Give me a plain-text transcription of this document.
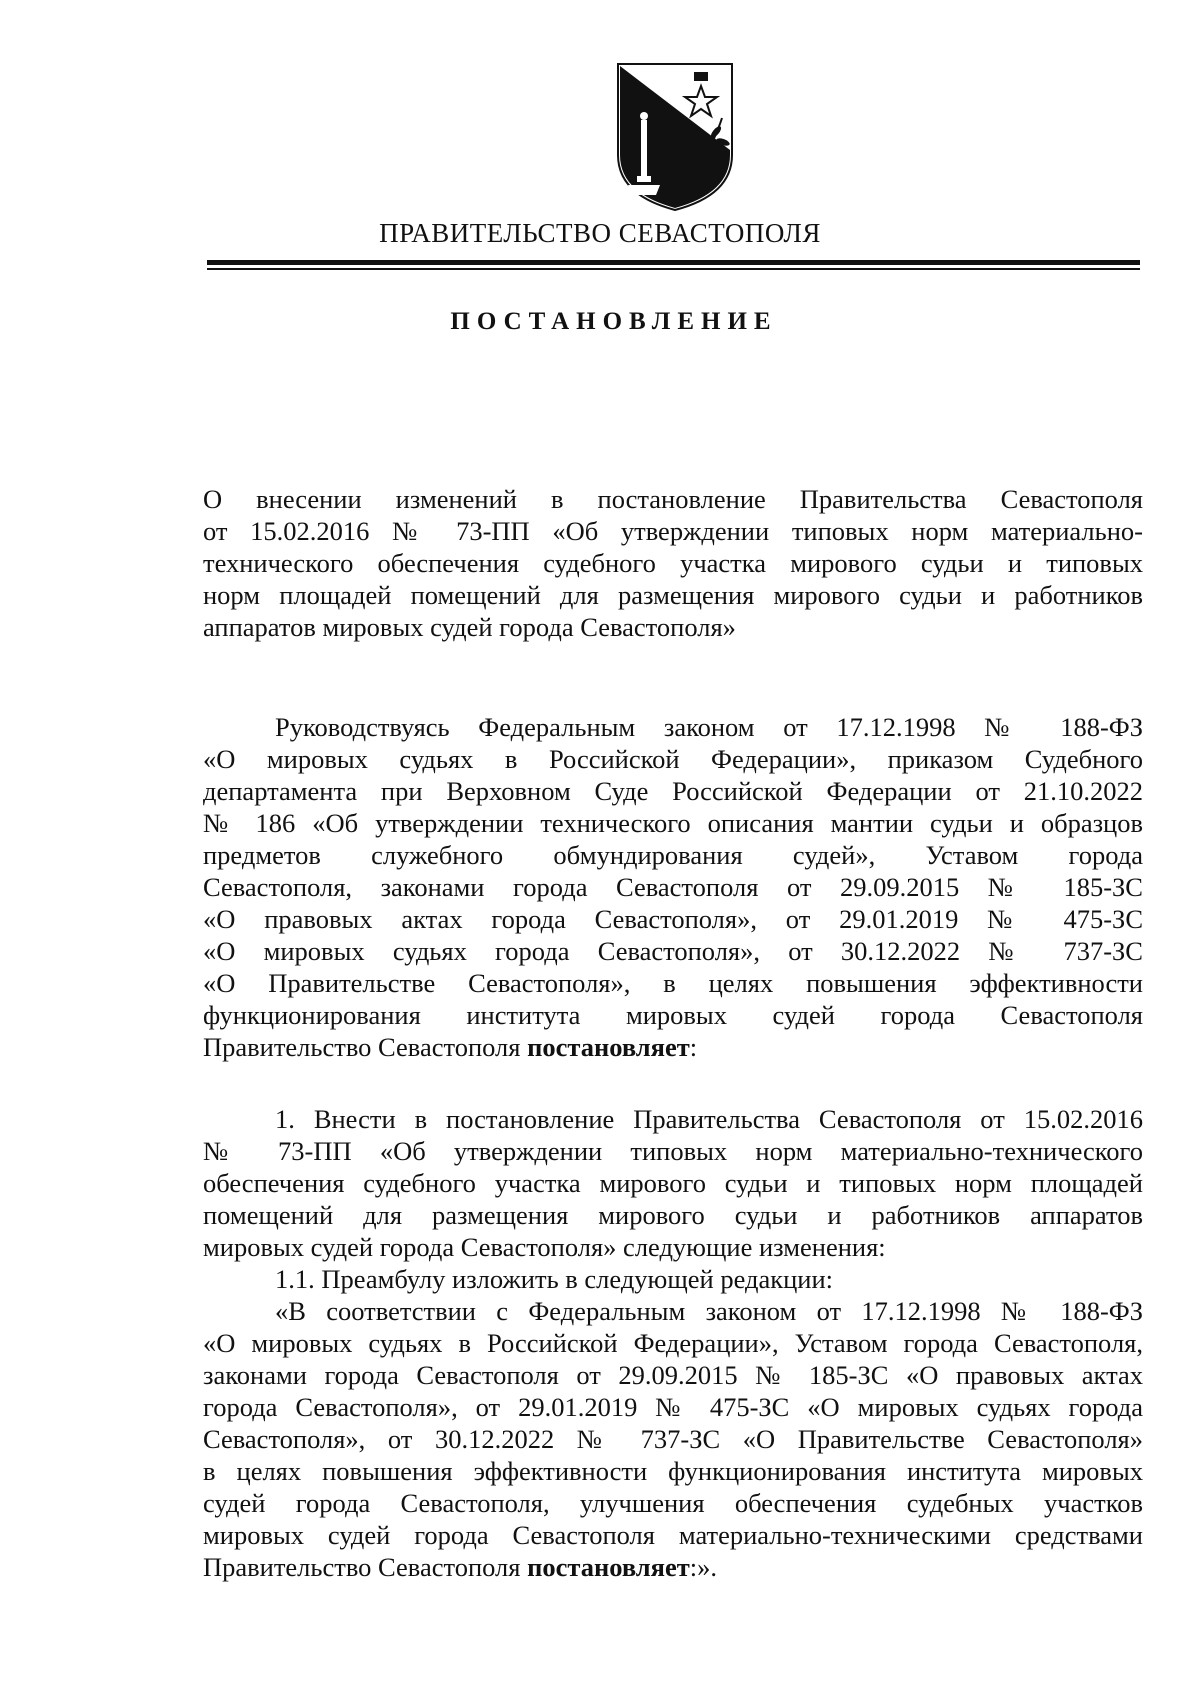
ПРАВИТЕЛЬСТВО СЕВАСТОПОЛЯ
ПОСТАНОВЛЕНИЕ
О внесении изменений в постановление Правительства Севастополя
от 15.02.2016 № 73-ПП «Об утверждении типовых норм материально-
технического обеспечения судебного участка мирового судьи и типовых
норм площадей помещений для размещения мирового судьи и работников
аппаратов мировых судей города Севастополя»
Руководствуясь Федеральным законом от 17.12.1998 № 188-ФЗ
«О мировых судьях в Российской Федерации», приказом Судебного
департамента при Верховном Суде Российской Федерации от 21.10.2022
№ 186 «Об утверждении технического описания мантии судьи и образцов
предметов служебного обмундирования судей», Уставом города
Севастополя, законами города Севастополя от 29.09.2015 № 185-ЗС
«О правовых актах города Севастополя», от 29.01.2019 № 475-ЗС
«О мировых судьях города Севастополя», от 30.12.2022 № 737-ЗС
«О Правительстве Севастополя», в целях повышения эффективности
функционирования института мировых судей города Севастополя
Правительство Севастополя постановляет:
1. Внести в постановление Правительства Севастополя от 15.02.2016
№ 73-ПП «Об утверждении типовых норм материально-технического
обеспечения судебного участка мирового судьи и типовых норм площадей
помещений для размещения мирового судьи и работников аппаратов
мировых судей города Севастополя» следующие изменения:
1.1. Преамбулу изложить в следующей редакции:
«В соответствии с Федеральным законом от 17.12.1998 № 188-ФЗ
«О мировых судьях в Российской Федерации», Уставом города Севастополя,
законами города Севастополя от 29.09.2015 № 185-ЗС «О правовых актах
города Севастополя», от 29.01.2019 № 475-ЗС «О мировых судьях города
Севастополя», от 30.12.2022 № 737-ЗС «О Правительстве Севастополя»
в целях повышения эффективности функционирования института мировых
судей города Севастополя, улучшения обеспечения судебных участков
мировых судей города Севастополя материально-техническими средствами
Правительство Севастополя постановляет:».
